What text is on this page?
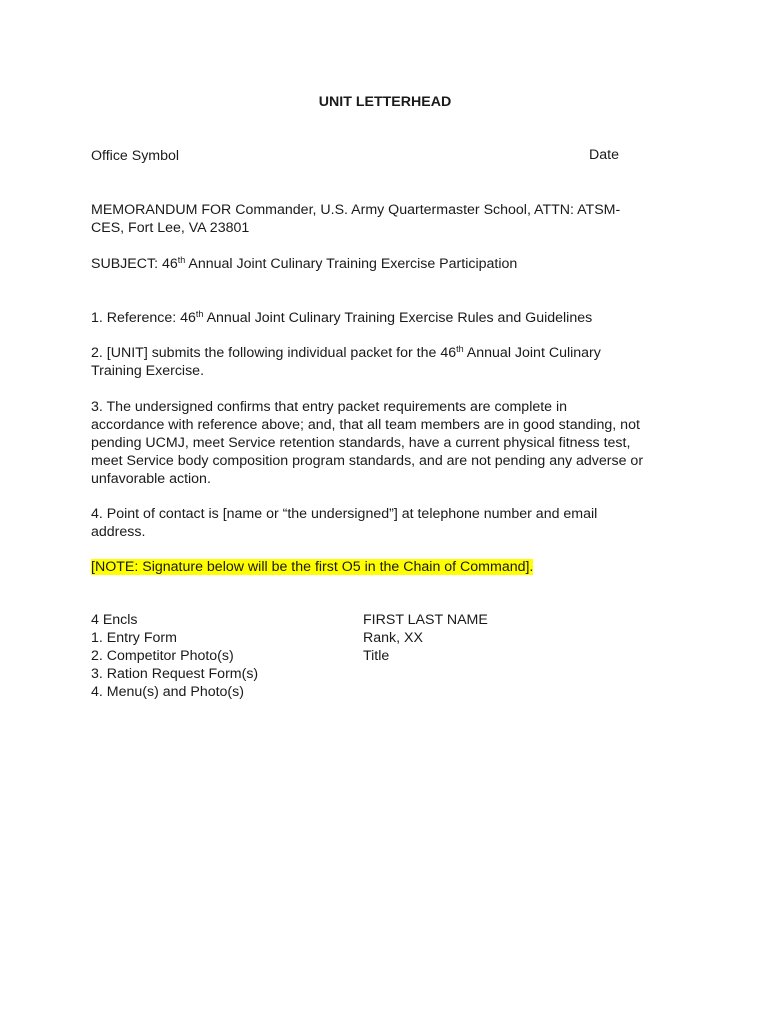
UNIT LETTERHEAD
Office Symbol	Date
MEMORANDUM FOR Commander, U.S. Army Quartermaster School, ATTN: ATSM-
CES, Fort Lee, VA 23801
SUBJECT: 46th Annual Joint Culinary Training Exercise Participation
1. Reference: 46th Annual Joint Culinary Training Exercise Rules and Guidelines
2. [UNIT] submits the following individual packet for the 46th Annual Joint Culinary
Training Exercise.
3. The undersigned confirms that entry packet requirements are complete in
accordance with reference above; and, that all team members are in good standing, not
pending UCMJ, meet Service retention standards, have a current physical fitness test,
meet Service body composition program standards, and are not pending any adverse or
unfavorable action.
4. Point of contact is [name or “the undersigned”] at telephone number and email
address.
[NOTE: Signature below will be the first O5 in the Chain of Command].
4 Encls
1. Entry Form
2. Competitor Photo(s)
3. Ration Request Form(s)
4. Menu(s) and Photo(s)
FIRST LAST NAME
Rank, XX
Title
